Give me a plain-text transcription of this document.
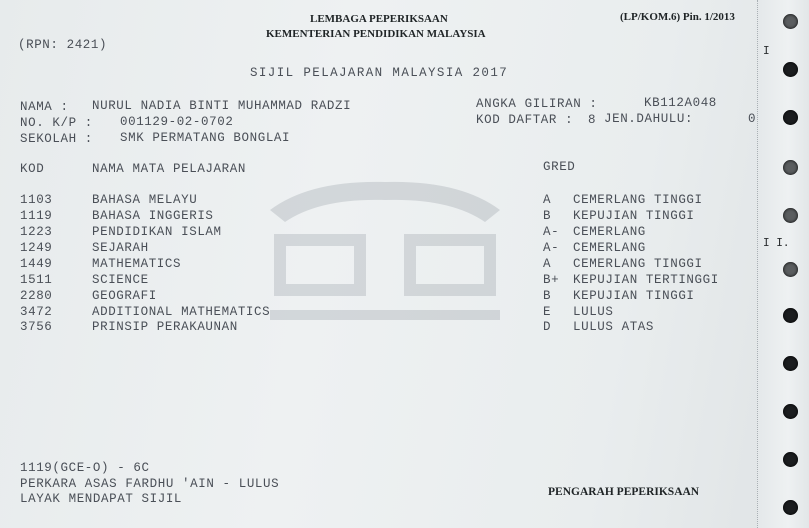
I
I I.
LEMBAGA PEPERIKSAAN
KEMENTERIAN PENDIDIKAN MALAYSIA
(LP/KOM.6) Pin. 1/2013
(RPN: 2421)
SIJIL PELAJARAN MALAYSIA 2017
NAMA : NURUL NADIA BINTI MUHAMMAD RADZI
NO. K/P : 001129-02-0702
SEKOLAH : SMK PERMATANG BONGLAI
ANGKA GILIRAN :	KB112A048
KOD DAFTAR : 8 JEN.DAHULU:	0
KOD	NAMA MATA PELAJARAN	GRED
1103	BAHASA MELAYU	A CEMERLANG TINGGI
1119	BAHASA INGGERIS	B KEPUJIAN TINGGI
1223	PENDIDIKAN ISLAM	A- CEMERLANG
1249	SEJARAH	A- CEMERLANG
1449	MATHEMATICS	A CEMERLANG TINGGI
1511	SCIENCE	B+ KEPUJIAN TERTINGGI
2280	GEOGRAFI	B KEPUJIAN TINGGI
3472	ADDITIONAL MATHEMATICS	E LULUS
3756	PRINSIP PERAKAUNAN	D LULUS ATAS
1119(GCE-O) - 6C
PERKARA ASAS FARDHU 'AIN - LULUS
LAYAK MENDAPAT SIJIL	PENGARAH PEPERIKSAAN
